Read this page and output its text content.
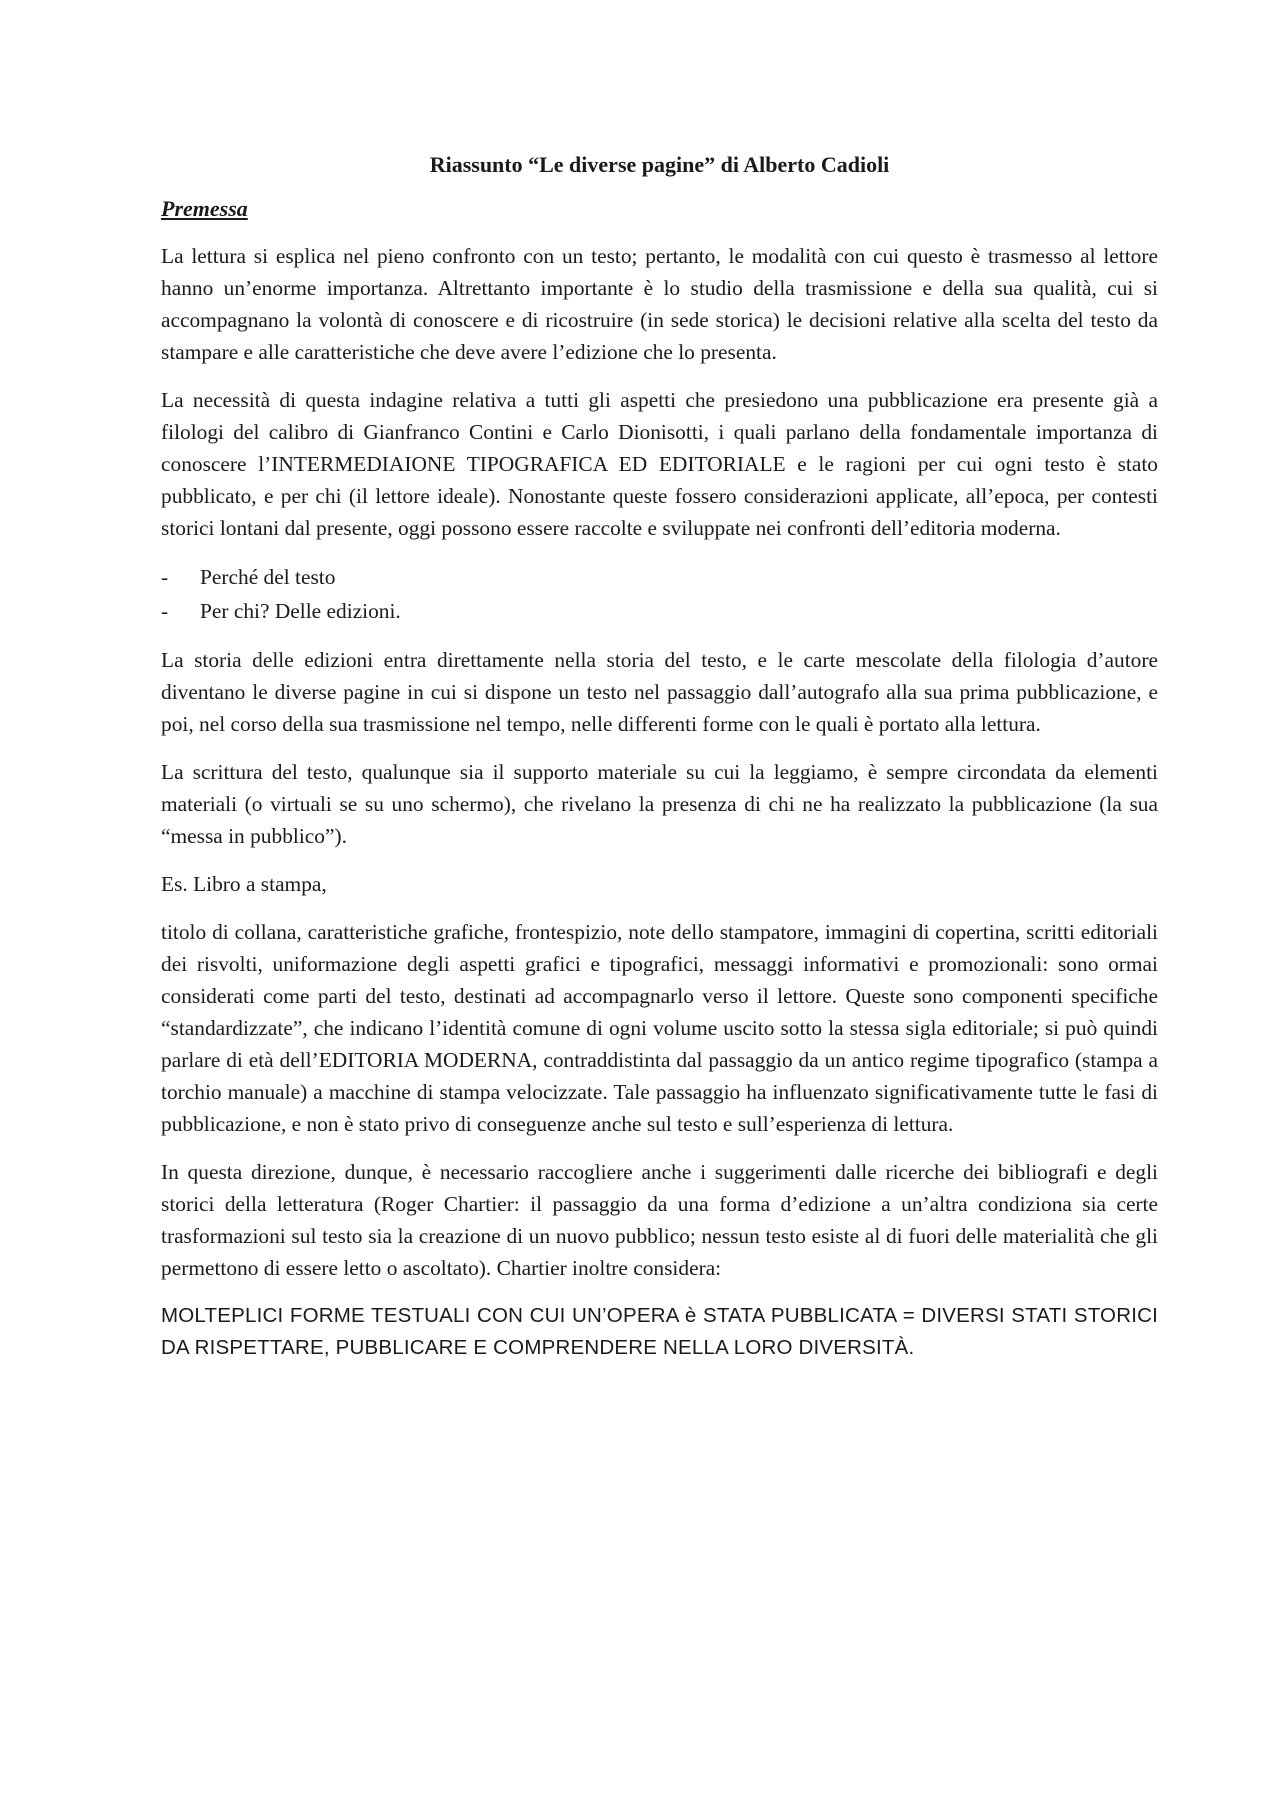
Riassunto “Le diverse pagine” di Alberto Cadioli
Premessa

La lettura si esplica nel pieno confronto con un testo; pertanto, le modalità con cui questo è trasmesso al lettore hanno un’enorme importanza. Altrettanto importante è lo studio della trasmissione e della sua qualità, cui si accompagnano la volontà di conoscere e di ricostruire (in sede storica) le decisioni relative alla scelta del testo da stampare e alle caratteristiche che deve avere l’edizione che lo presenta.

La necessità di questa indagine relativa a tutti gli aspetti che presiedono una pubblicazione era presente già a filologi del calibro di Gianfranco Contini e Carlo Dionisotti, i quali parlano della fondamentale importanza di conoscere l’INTERMEDIAIONE TIPOGRAFICA ED EDITORIALE e le ragioni per cui ogni testo è stato pubblicato, e per chi (il lettore ideale). Nonostante queste fossero considerazioni applicate, all’epoca, per contesti storici lontani dal presente, oggi possono essere raccolte e sviluppate nei confronti dell’editoria moderna.

- Perché del testo
- Per chi? Delle edizioni.

La storia delle edizioni entra direttamente nella storia del testo, e le carte mescolate della filologia d’autore diventano le diverse pagine in cui si dispone un testo nel passaggio dall’autografo alla sua prima pubblicazione, e poi, nel corso della sua trasmissione nel tempo, nelle differenti forme con le quali è portato alla lettura.

La scrittura del testo, qualunque sia il supporto materiale su cui la leggiamo, è sempre circondata da elementi materiali (o virtuali se su uno schermo), che rivelano la presenza di chi ne ha realizzato la pubblicazione (la sua “messa in pubblico”).

Es. Libro a stampa,

titolo di collana, caratteristiche grafiche, frontespizio, note dello stampatore, immagini di copertina, scritti editoriali dei risvolti, uniformazione degli aspetti grafici e tipografici, messaggi informativi e promozionali: sono ormai considerati come parti del testo, destinati ad accompagnarlo verso il lettore. Queste sono componenti specifiche “standardizzate”, che indicano l’identità comune di ogni volume uscito sotto la stessa sigla editoriale; si può quindi parlare di età dell’EDITORIA MODERNA, contraddistinta dal passaggio da un antico regime tipografico (stampa a torchio manuale) a macchine di stampa velocizzate. Tale passaggio ha influenzato significativamente tutte le fasi di pubblicazione, e non è stato privo di conseguenze anche sul testo e sull’esperienza di lettura.

In questa direzione, dunque, è necessario raccogliere anche i suggerimenti dalle ricerche dei bibliografi e degli storici della letteratura (Roger Chartier: il passaggio da una forma d’edizione a un’altra condiziona sia certe trasformazioni sul testo sia la creazione di un nuovo pubblico; nessun testo esiste al di fuori delle materialità che gli permettono di essere letto o ascoltato). Chartier inoltre considera:

MOLTEPLICI FORME TESTUALI CON CUI UN’OPERA è STATA PUBBLICATA = DIVERSI STATI STORICI DA RISPETTARE, PUBBLICARE E COMPRENDERE NELLA LORO DIVERSITÀ.
